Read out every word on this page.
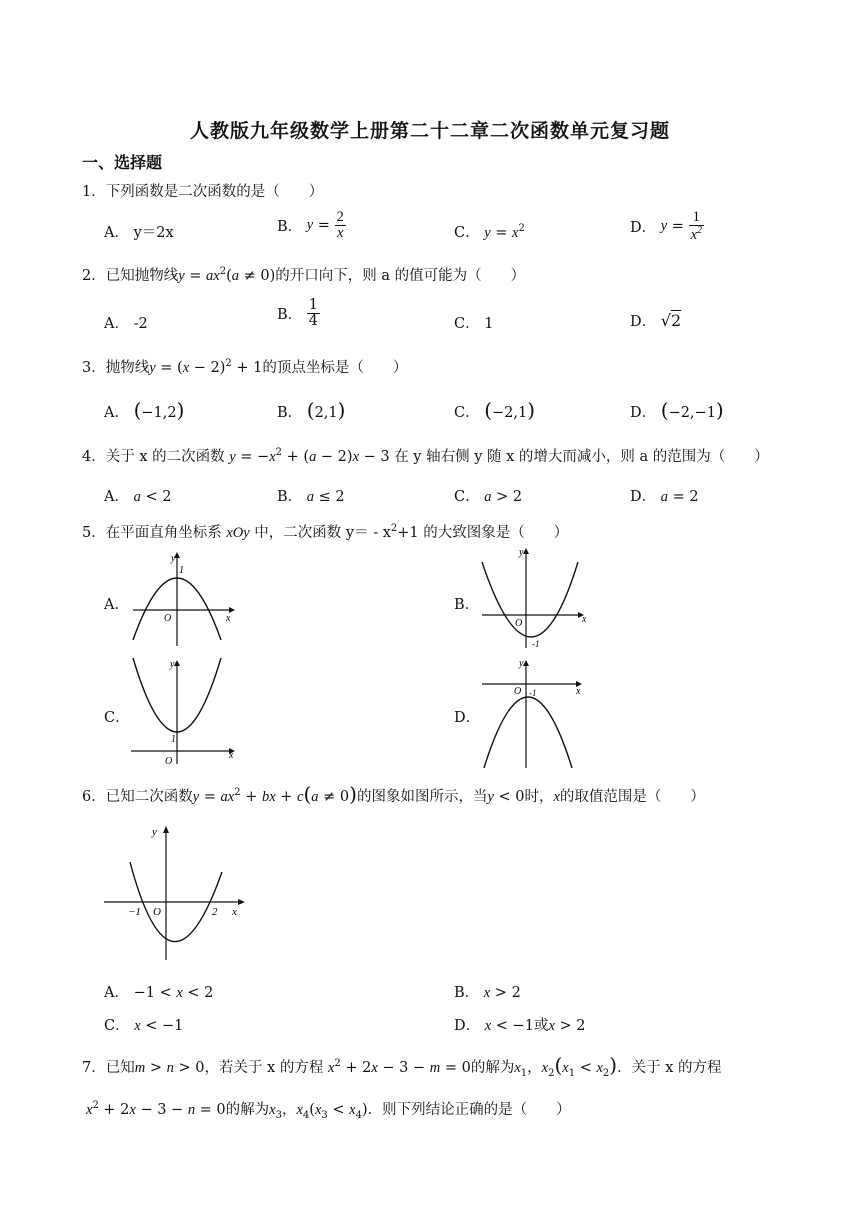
人教版九年级数学上册第二十二章二次函数单元复习题
一、选择题
1．下列函数是二次函数的是（　　）
A． y＝2x	B． $y = \frac{2}{x}$	C． $y = x^2$	D． $y = \frac{1}{x^2}$
2．已知抛物线$y = ax^2(a \ne 0)$的开口向下，则 a 的值可能为（　　）
A． -2
B． $\frac{1}{4}$	C． 1	D． √2
3．抛物线$y = (x - 2)^2 + 1$的顶点坐标是（　　）
A． (−1,2)	B． (2,1)	C． (−2,1)	D． (−2,−1)
4．关于 x 的二次函数 $y = -x^2 + (a - 2)x - 3$ 在 y 轴右侧 y 随 x 的增大而减小，则 a 的范围为（　　）
A． a < 2	B． a ≤ 2	C． a > 2	D． a = 2
5．在平面直角坐标系 xOy 中，二次函数 $y= - x^2+1$ 的大致图象是（　　）
A．
y
1
O	x
B．
y
O
-1
x
C．
y
1
O
x
D．
y
O -1	x
6．已知二次函数$y = ax^2$ + bx + c(a ≠ 0)的图象如图所示，当y < 0时，x的取值范围是（　　）
y
−1 O	2 x
A． −1 < x < 2	B． x > 2
C． x < −1	D． x < −1或x > 2
7．已知m > n > 0，若关于 x 的方程 $x^2 + 2x - 3 - m = 0$的解为$x_1$，$x_2(x_1 < x_2)$．关于 x 的方程
$x^2 + 2x - 3 - n = 0$的解为$x_3$，$x_4(x_3 < x_4)$．则下列结论正确的是（　　）
